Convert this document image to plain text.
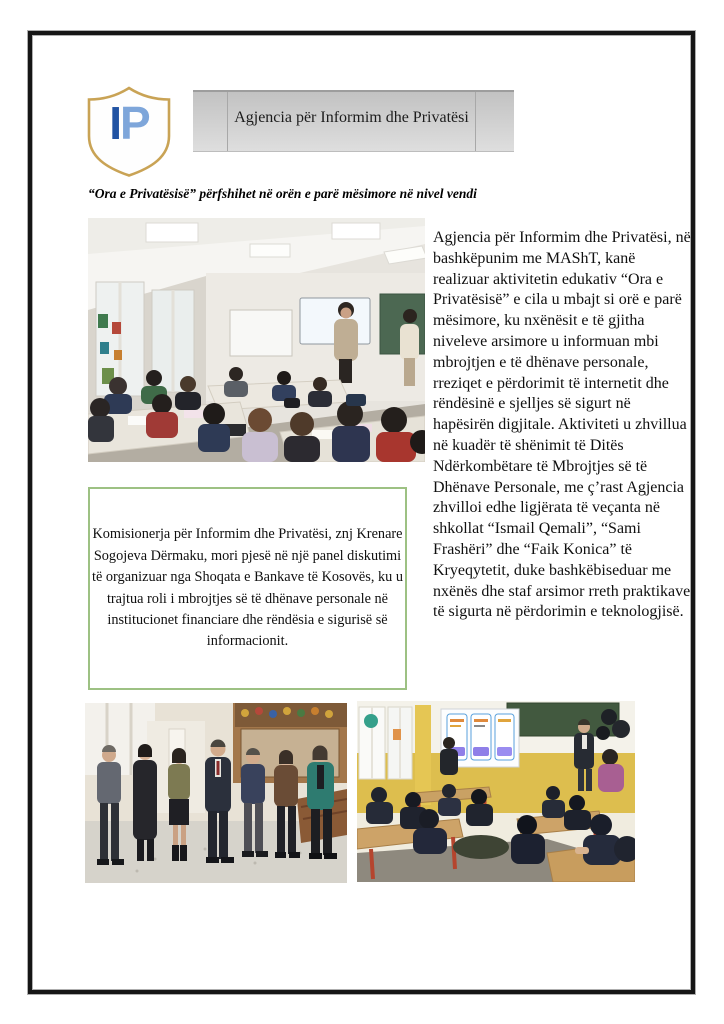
IP	Agjencia për Informim dhe Privatësi
“Ora e Privatësisë” përfshihet në orën e parë mësimore në nivel vendi
Agjencia për Informim dhe Privatësi, në bashkëpunim me MAShT, kanë realizuar aktivitetin edukativ “Ora e Privatësisë” e cila u mbajt si orë e parë mësimore, ku nxënësit e të gjitha niveleve arsimore u informuan mbi mbrojtjen e të dhënave personale, rreziqet e përdorimit të internetit dhe rëndësinë e sjelljes së sigurt në hapësirën digjitale. Aktiviteti u zhvillua në kuadër të shënimit të Ditës Ndërkombëtare të Mbrojtjes së të Dhënave Personale, me ç’rast Agjencia zhvilloi edhe ligjërata të veçanta në shkollat “Ismail Qemali”, “Sami Frashëri” dhe “Faik Konica” të Kryeqytetit, duke bashkëbiseduar me nxënës dhe staf arsimor rreth praktikave të sigurta në përdorimin e teknologjisë.
Komisionerja për Informim dhe Privatësi, znj Krenare Sogojeva Dërmaku, mori pjesë në një panel diskutimi të organizuar nga Shoqata e Bankave të Kosovës, ku u trajtua roli i mbrojtjes së të dhënave personale në institucionet financiare dhe rëndësia e sigurisë së informacionit.
